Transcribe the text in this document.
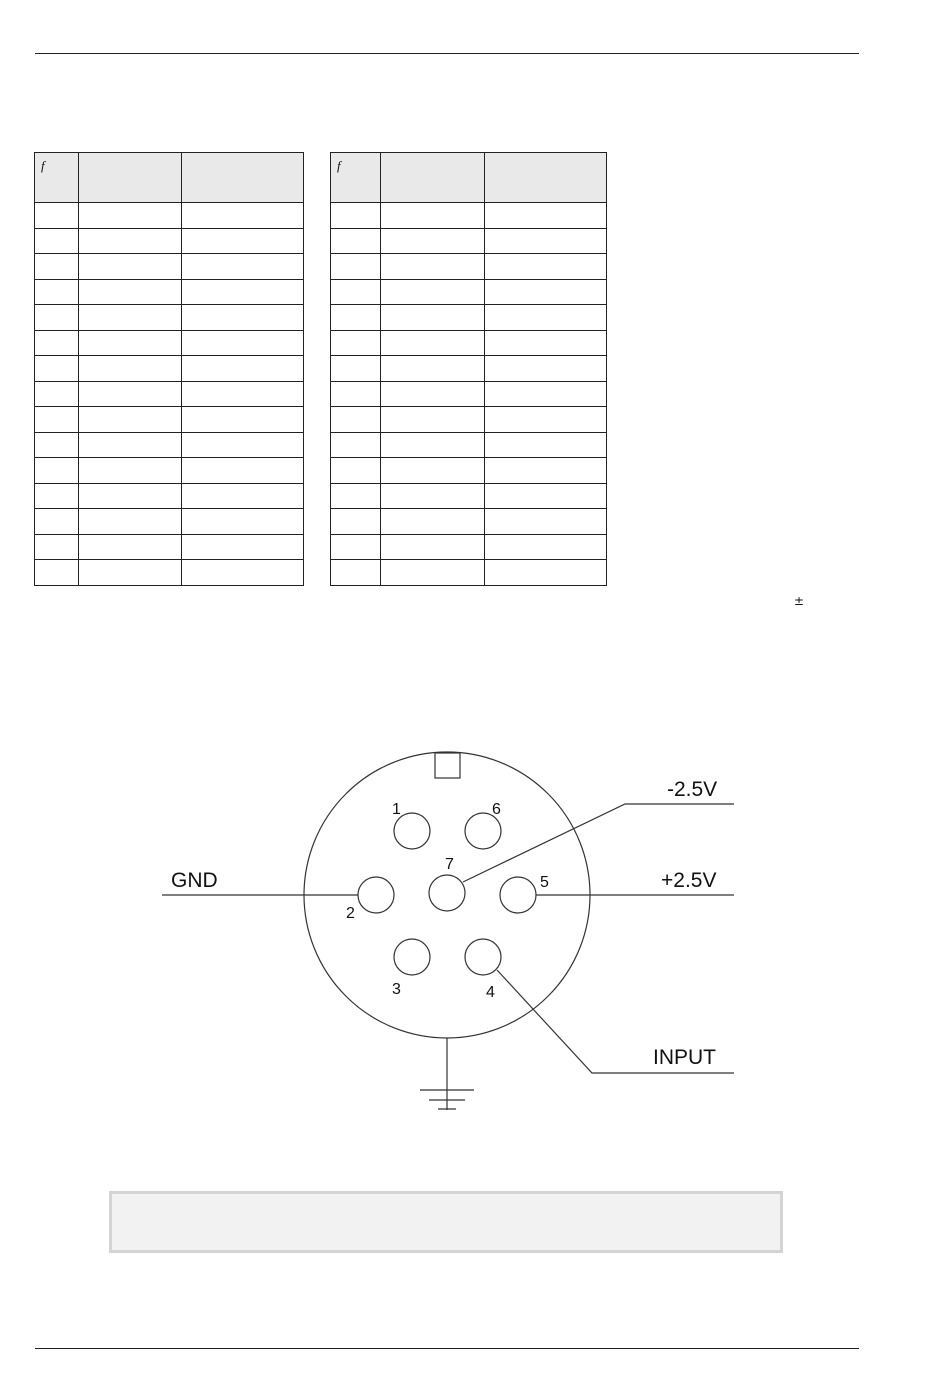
f		

			f		

±
1	6
7
2
5
3	4
GND
-2.5V
+2.5V
INPUT
